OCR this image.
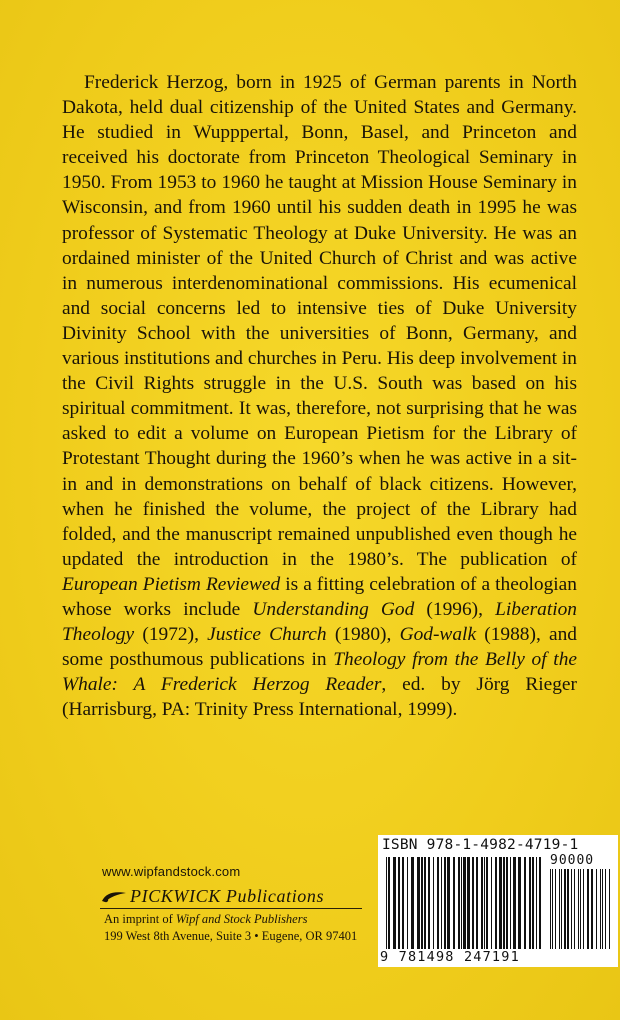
Frederick Herzog, born in 1925 of German parents in North Dakota, held dual citizenship of the United States and Germany. He studied in Wupppertal, Bonn, Basel, and Princeton and received his doctorate from Princeton Theological Seminary in 1950. From 1953 to 1960 he taught at Mission House Seminary in Wisconsin, and from 1960 until his sudden death in 1995 he was professor of Systematic Theology at Duke University. He was an ordained minister of the United Church of Christ and was active in numerous interdenominational commissions. His ecumenical and social concerns led to intensive ties of Duke University Divinity School with the universities of Bonn, Germany, and various institutions and churches in Peru. His deep involvement in the Civil Rights struggle in the U.S. South was based on his spiritual commitment. It was, therefore, not surprising that he was asked to edit a volume on European Pietism for the Library of Protestant Thought during the 1960’s when he was active in a sit-in and in demonstrations on behalf of black citizens. However, when he finished the volume, the project of the Library had folded, and the manuscript remained unpublished even though he updated the introduction in the 1980’s. The publication of European Pietism Reviewed is a fitting celebration of a theologian whose works include Understanding God (1996), Liberation Theology (1972), Justice Church (1980), God-walk (1988), and some posthumous publications in Theology from the Belly of the Whale: A Frederick Herzog Reader, ed. by Jörg Rieger (Harrisburg, PA: Trinity Press International, 1999).

www.wipfandstock.com
PICKWICK Publications
An imprint of Wipf and Stock Publishers
199 West 8th Avenue, Suite 3 • Eugene, OR 97401
ISBN 978-1-4982-4719-1
90000
9 781498 247191
